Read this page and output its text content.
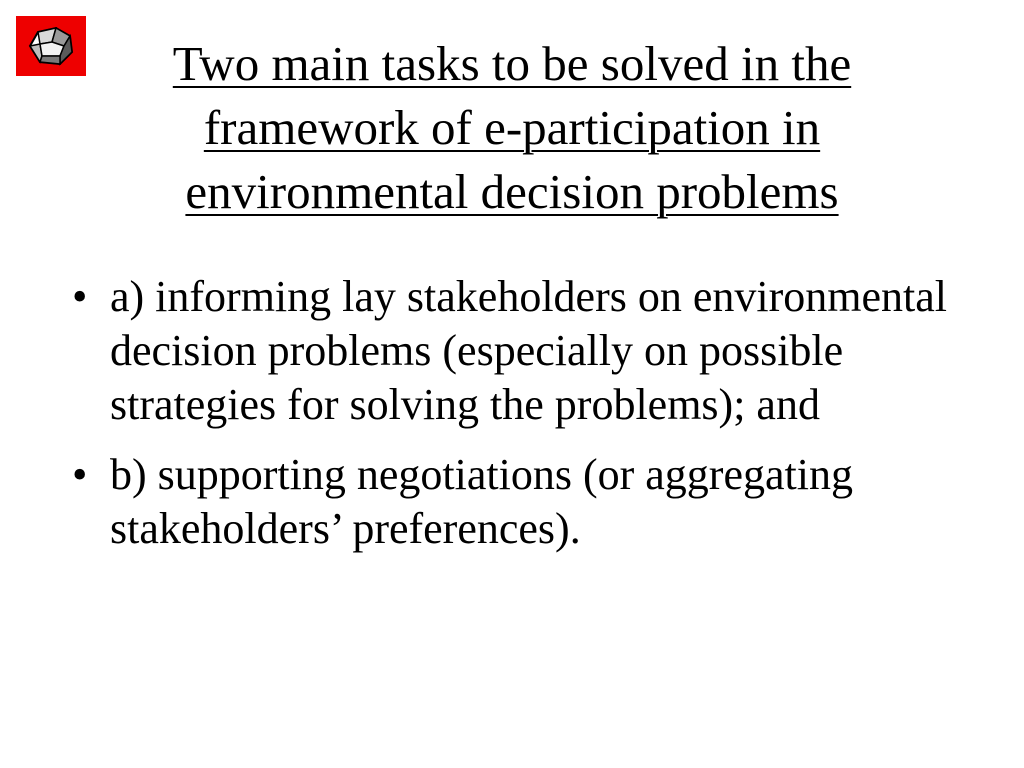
Two main tasks to be solved in the framework of e-participation in environmental decision problems
• a) informing lay stakeholders on environmental decision problems (especially on possible strategies for solving the problems); and
• b) supporting negotiations (or aggregating stakeholders’ preferences).
